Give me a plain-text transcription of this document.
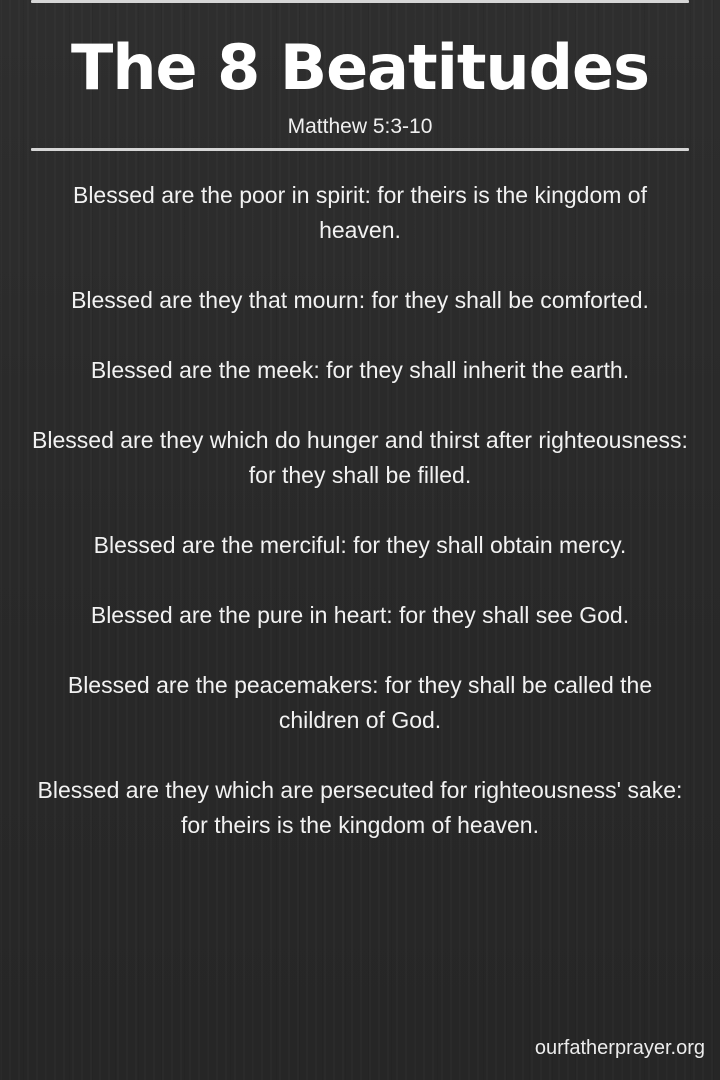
The 8 Beatitudes
Matthew 5:3-10
Blessed are the poor in spirit: for theirs is the kingdom of heaven.
Blessed are they that mourn: for they shall be comforted.
Blessed are the meek: for they shall inherit the earth.
Blessed are they which do hunger and thirst after righteousness: for they shall be filled.
Blessed are the merciful: for they shall obtain mercy.
Blessed are the pure in heart: for they shall see God.
Blessed are the peacemakers: for they shall be called the children of God.
Blessed are they which are persecuted for righteousness' sake: for theirs is the kingdom of heaven.
ourfatherprayer.org
